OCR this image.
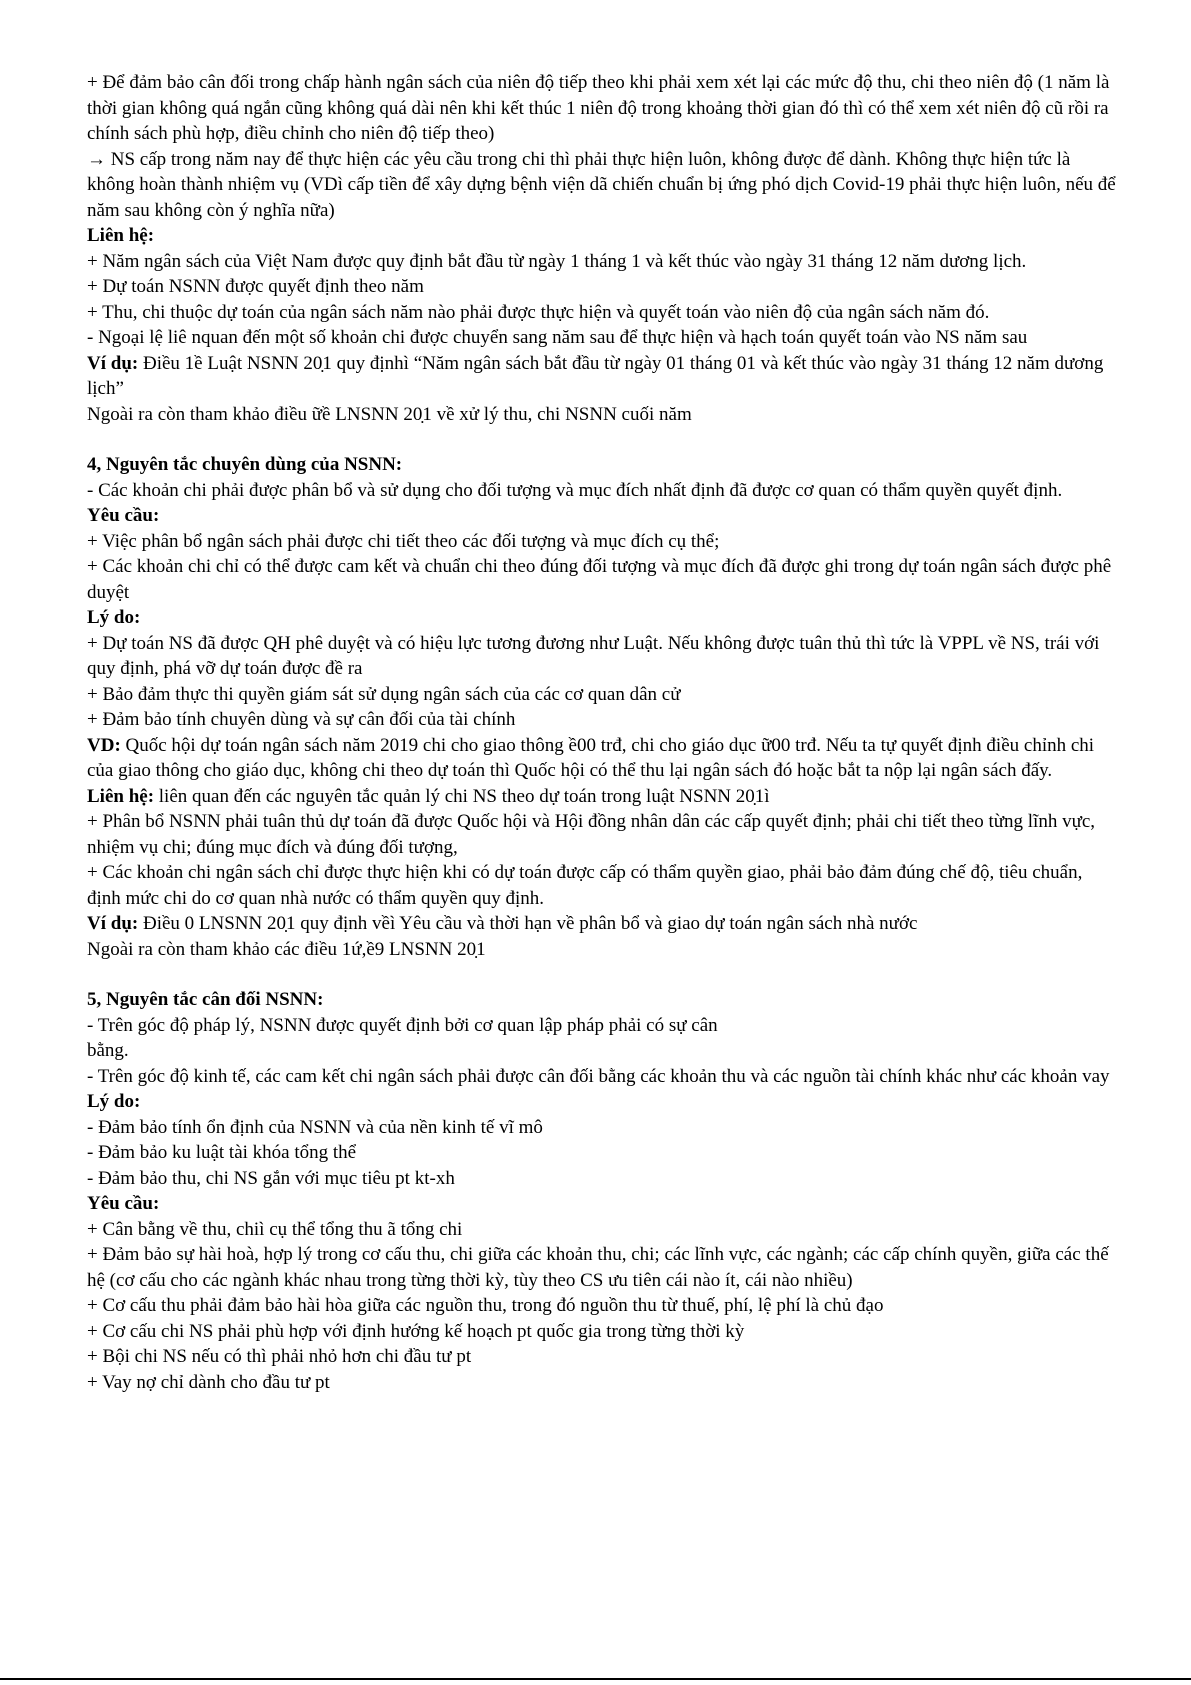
+ Để đảm bảo cân đối trong chấp hành ngân sách của niên độ tiếp theo khi phải xem xét lại các mức độ thu, chi theo niên độ (1 năm là thời gian không quá ngắn cũng không quá dài nên khi kết thúc 1 niên độ trong khoảng thời gian đó thì có thể xem xét niên độ cũ rồi ra chính sách phù hợp, điều chỉnh cho niên độ tiếp theo)
→ NS cấp trong năm nay để thực hiện các yêu cầu trong chi thì phải thực hiện luôn, không được để dành. Không thực hiện tức là không hoàn thành nhiệm vụ (VDì cấp tiền để xây dựng bệnh viện dã chiến chuẩn bị ứng phó dịch Covid-19 phải thực hiện luôn, nếu để năm sau không còn ý nghĩa nữa)
Liên hệ:
+ Năm ngân sách của Việt Nam được quy định bắt đầu từ ngày 1 tháng 1 và kết thúc vào ngày 31 tháng 12 năm dương lịch.
+ Dự toán NSNN được quyết định theo năm
+ Thu, chi thuộc dự toán của ngân sách năm nào phải được thực hiện và quyết toán vào niên độ của ngân sách năm đó.
- Ngoại lệ liê nquan đến một số khoản chi được chuyển sang năm sau để thực hiện và hạch toán quyết toán vào NS năm sau
Ví dụ: Điều 1ề Luật NSNN 20̣1 quy địnhì “Năm ngân sách bắt đầu từ ngày 01 tháng 01 và kết thúc vào ngày 31 tháng 12 năm dương lịch”
Ngoài ra còn tham khảo điều ữề LNSNN 20̣1 về xử lý thu, chi NSNN cuối năm
4, Nguyên tắc chuyên dùng của NSNN:
- Các khoản chi phải được phân bổ và sử dụng cho đối tượng và mục đích nhất định đã được cơ quan có thẩm quyền quyết định.
Yêu cầu:
+ Việc phân bổ ngân sách phải được chi tiết theo các đối tượng và mục đích cụ thể;
+ Các khoản chi chỉ có thể được cam kết và chuẩn chi theo đúng đối tượng và mục đích đã được ghi trong dự toán ngân sách được phê duyệt
Lý do:
+ Dự toán NS đã được QH phê duyệt và có hiệu lực tương đương như Luật. Nếu không được tuân thủ thì tức là VPPL về NS, trái với quy định, phá vỡ dự toán được đề ra
+ Bảo đảm thực thi quyền giám sát sử dụng ngân sách của các cơ quan dân cử
+ Đảm bảo tính chuyên dùng và sự cân đối của tài chính
VD: Quốc hội dự toán ngân sách năm 2019 chi cho giao thông ề00 trđ, chi cho giáo dục ữ00 trđ. Nếu ta tự quyết định điều chỉnh chi của giao thông cho giáo dục, không chi theo dự toán thì Quốc hội có thể thu lại ngân sách đó hoặc bắt ta nộp lại ngân sách đấy.
Liên hệ: liên quan đến các nguyên tắc quản lý chi NS theo dự toán trong luật NSNN 20̣1ì
+ Phân bổ NSNN phải tuân thủ dự toán đã được Quốc hội và Hội đồng nhân dân các cấp quyết định; phải chi tiết theo từng lĩnh vực, nhiệm vụ chi; đúng mục đích và đúng đối tượng,
+ Các khoản chi ngân sách chỉ được thực hiện khi có dự toán được cấp có thẩm quyền giao, phải bảo đảm đúng chế độ, tiêu chuẩn, định mức chi do cơ quan nhà nước có thẩm quyền quy định.
Ví dụ: Điều 0 LNSNN 20̣1 quy định vềì Yêu cầu và thời hạn về phân bổ và giao dự toán ngân sách nhà nước
Ngoài ra còn tham khảo các điều 1ứ,ề9 LNSNN 20̣1
5, Nguyên tắc cân đối NSNN:
- Trên góc độ pháp lý, NSNN được quyết định bởi cơ quan lập pháp phải có sự cân
bằng.
- Trên góc độ kinh tế, các cam kết chi ngân sách phải được cân đối bằng các khoản thu và các nguồn tài chính khác như các khoản vay
Lý do:
- Đảm bảo tính ổn định của NSNN và của nền kinh tế vĩ mô
- Đảm bảo ku luật tài khóa tổng thể
- Đảm bảo thu, chi NS gắn với mục tiêu pt kt-xh
Yêu cầu:
+ Cân bằng về thu, chiì cụ thể tổng thu ã tổng chi
+ Đảm bảo sự hài hoà, hợp lý trong cơ cấu thu, chi giữa các khoản thu, chi; các lĩnh vực, các ngành; các cấp chính quyền, giữa các thế hệ (cơ cấu cho các ngành khác nhau trong từng thời kỳ, tùy theo CS ưu tiên cái nào ít, cái nào nhiều)
+ Cơ cấu thu phải đảm bảo hài hòa giữa các nguồn thu, trong đó nguồn thu từ thuế, phí, lệ phí là chủ đạo
+ Cơ cấu chi NS phải phù hợp với định hướng kế hoạch pt quốc gia trong từng thời kỳ
+ Bội chi NS nếu có thì phải nhỏ hơn chi đầu tư pt
+ Vay nợ chỉ dành cho đầu tư pt
